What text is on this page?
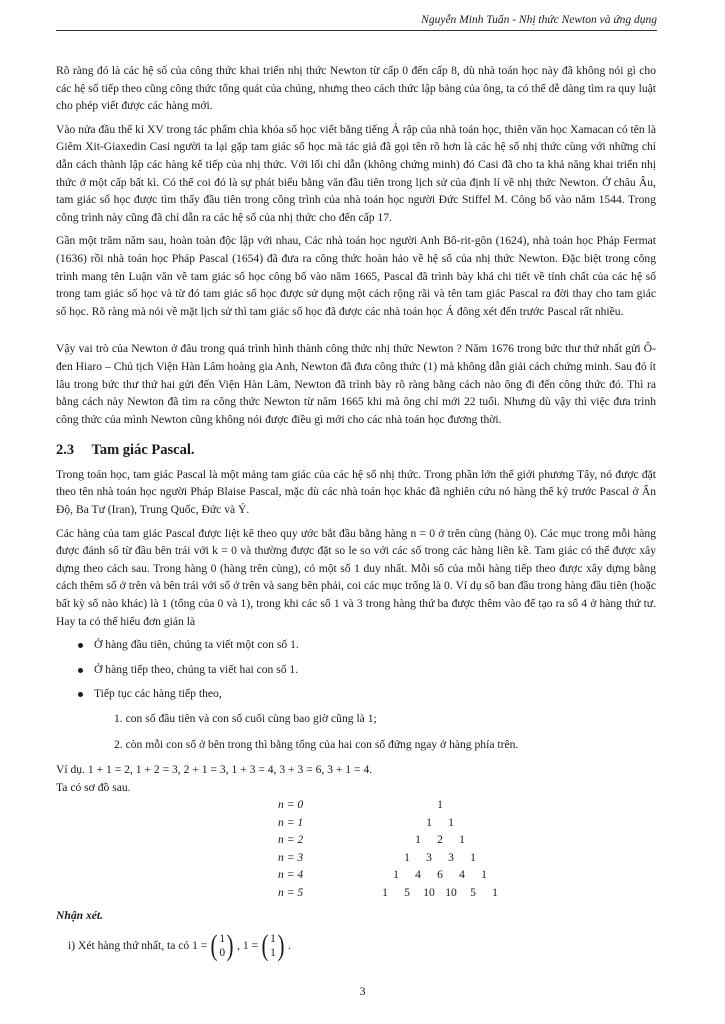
Nguyễn Minh Tuấn - Nhị thức Newton và ứng dụng

Rõ ràng đó là các hệ số của công thức khai triển nhị thức Newton từ cấp 0 đến cấp 8, dù nhà toán học này đã không nói gì cho các hệ số tiếp theo cũng công thức tổng quát của chúng, nhưng theo cách thức lập bảng của ông, ta có thể dễ dàng tìm ra quy luật cho phép viết được các hàng mới.

Vào nửa đầu thế kỉ XV trong tác phẩm chìa khóa số học viết bằng tiếng Ả rập của nhà toán học, thiên văn học Xamacan có tên là Giêm Xit-Giaxedin Casi người ta lại gặp tam giác số học mà tác giả đã gọi tên rõ hơn là các hệ số nhị thức cùng với những chỉ dẫn cách thành lập các hàng kế tiếp của nhị thức. Với lối chỉ dẫn (không chứng minh) đó Casi đã cho ta khả năng khai triển nhị thức ở một cấp bất kì. Có thể coi đó là sự phát biểu bằng văn đầu tiên trong lịch sử của định lí về nhị thức Newton. Ở châu Âu, tam giác số học được tìm thấy đầu tiên trong công trình của nhà toán học người Đức Stiffel M. Công bố vào năm 1544. Trong công trình này cũng đã chỉ dẫn ra các hệ số của nhị thức cho đến cấp 17.

Gần một trăm năm sau, hoàn toàn độc lập với nhau, Các nhà toán học người Anh Bô-rit-gôn (1624), nhà toán học Pháp Fermat (1636) rồi nhà toán học Pháp Pascal (1654) đã đưa ra công thức hoàn hảo về hệ số của nhị thức Newton. Đặc biệt trong công trình mang tên Luận văn về tam giác số học công bố vào năm 1665, Pascal đã trình bày khá chi tiết về tính chất của các hệ số trong tam giác số học và từ đó tam giác số học được sử dụng một cách rộng rãi và tên tam giác Pascal ra đời thay cho tam giác số học. Rõ ràng mà nói về mặt lịch sử thì tam giác số học đã được các nhà toán học Á đông xét đến trước Pascal rất nhiều.

Vậy vai trò của Newton ở đâu trong quá trình hình thành công thức nhị thức Newton ? Năm 1676 trong bức thư thứ nhất gửi Ô-đen Hiaro – Chủ tịch Viện Hàn Lâm hoàng gia Anh, Newton đã đưa công thức (1) mà không dẫn giải cách chứng minh. Sau đó ít lâu trong bức thư thứ hai gửi đến Viện Hàn Lâm, Newton đã trình bày rõ ràng bằng cách nào ông đi đến công thức đó. Thì ra bằng cách này Newton đã tìm ra công thức Newton từ năm 1665 khi mà ông chỉ mới 22 tuổi. Nhưng dù vậy thì việc đưa trình công thức của mình Newton cũng không nói được điều gì mới cho các nhà toán học đương thời.

2.3 Tam giác Pascal.

Trong toán học, tam giác Pascal là một mảng tam giác của các hệ số nhị thức. Trong phần lớn thế giới phương Tây, nó được đặt theo tên nhà toán học người Pháp Blaise Pascal, mặc dù các nhà toán học khác đã nghiên cứu nó hàng thế kỷ trước Pascal ở Ấn Độ, Ba Tư (Iran), Trung Quốc, Đức và Ý.

Các hàng của tam giác Pascal được liệt kê theo quy ước bắt đầu bằng hàng n = 0 ở trên cùng (hàng 0). Các mục trong mỗi hàng được đánh số từ đầu bên trái với k = 0 và thường được đặt so le so với các số trong các hàng liền kề. Tam giác có thể được xây dựng theo cách sau. Trong hàng 0 (hàng trên cùng), có một số 1 duy nhất. Mỗi số của mỗi hàng tiếp theo được xây dựng bằng cách thêm số ở trên và bên trái với số ở trên và sang bên phải, coi các mục trống là 0. Ví dụ số ban đầu trong hàng đầu tiên (hoặc bất kỳ số nào khác) là 1 (tổng của 0 và 1), trong khi các số 1 và 3 trong hàng thứ ba được thêm vào để tạo ra số 4 ở hàng thứ tư. Hay ta có thể hiểu đơn giản là

Ở hàng đầu tiên, chúng ta viết một con số 1.
Ở hàng tiếp theo, chúng ta viết hai con số 1.
Tiếp tục các hàng tiếp theo,
1. con số đầu tiên và con số cuối cùng bao giờ cũng là 1;
2. còn mỗi con số ở bên trong thì bằng tổng của hai con số đứng ngay ở hàng phía trên.
Ví dụ. 1 + 1 = 2, 1 + 2 = 3, 2 + 1 = 3, 1 + 3 = 4, 3 + 3 = 6, 3 + 1 = 4.
Ta có sơ đồ sau.
n = 0	1
n = 1	1 1
n = 2	1 2 1
n = 3	1 3 3 1
n = 4	1 4 6 4 1
n = 5	1 5 10 10 5 1
Nhận xét.
i) Xét hàng thứ nhất, ta có 1 = ( 1
0 ) , 1 = ( 1
1 ) .
3
